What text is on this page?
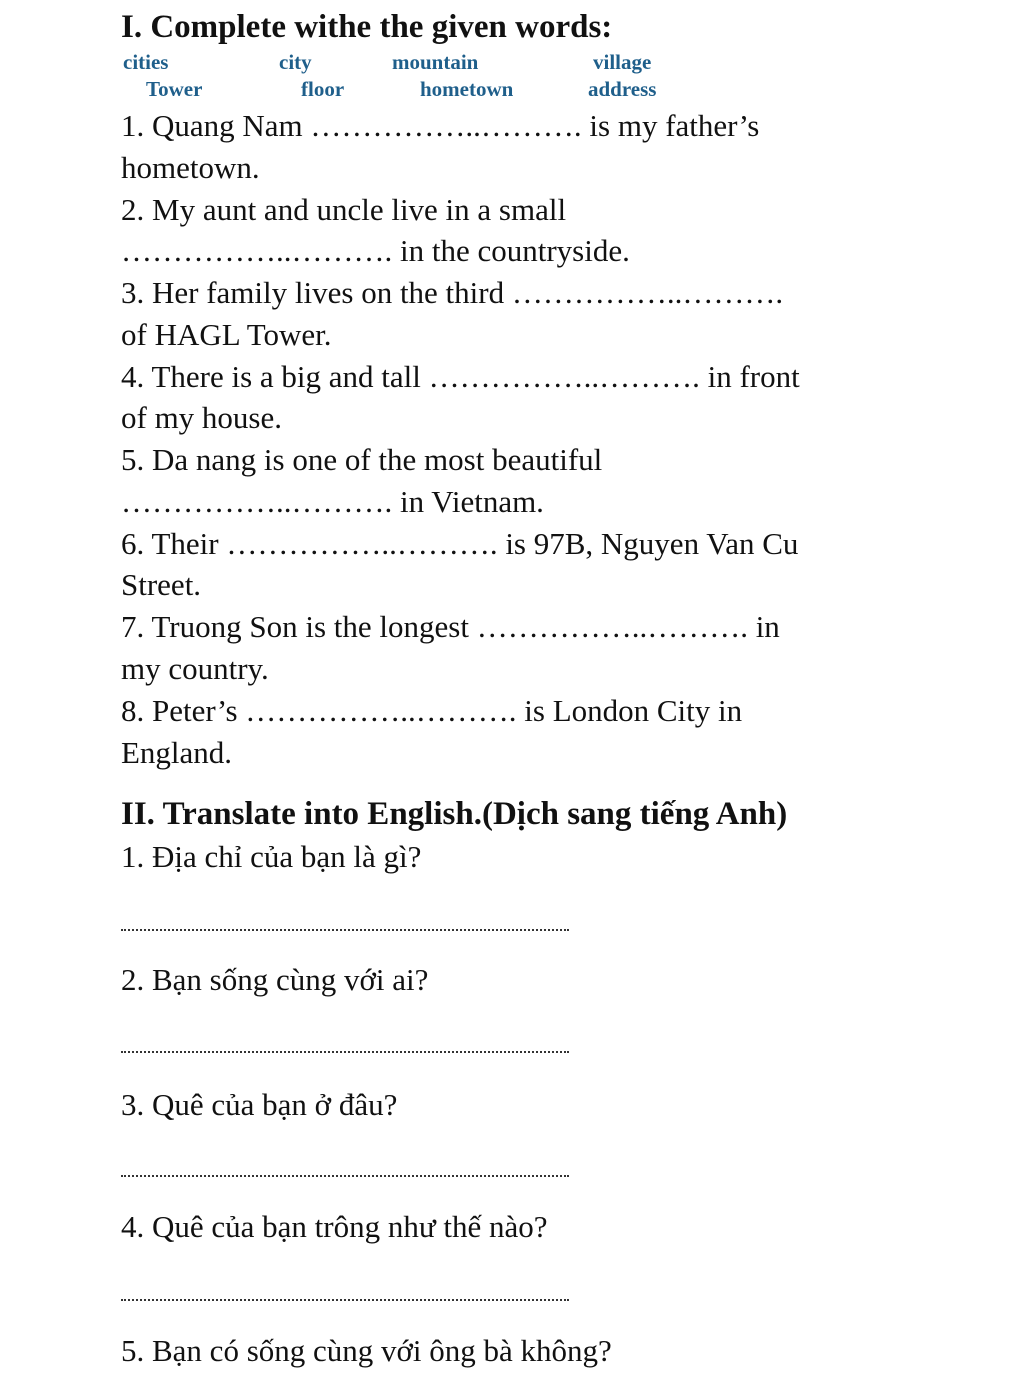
I. Complete withe the given words:
cities	city	mountain	village
Tower	floor	hometown	address
1. Quang Nam ……………..………. is my father’s
hometown.
2. My aunt and uncle live in a small
……………..………. in the countryside.
3. Her family lives on the third ……………..……….
of HAGL Tower.
4. There is a big and tall ……………..………. in front
of my house.
5. Da nang is one of the most beautiful
……………..………. in Vietnam.
6. Their ……………..………. is 97B, Nguyen Van Cu
Street.
7. Truong Son is the longest ……………..………. in
my country.
8. Peter’s ……………..………. is London City in
England.
II. Translate into English.(Dịch sang tiếng Anh)
1. Địa chỉ của bạn là gì?
2. Bạn sống cùng với ai?
3. Quê của bạn ở đâu?
4. Quê của bạn trông như thế nào?
5. Bạn có sống cùng với ông bà không?
